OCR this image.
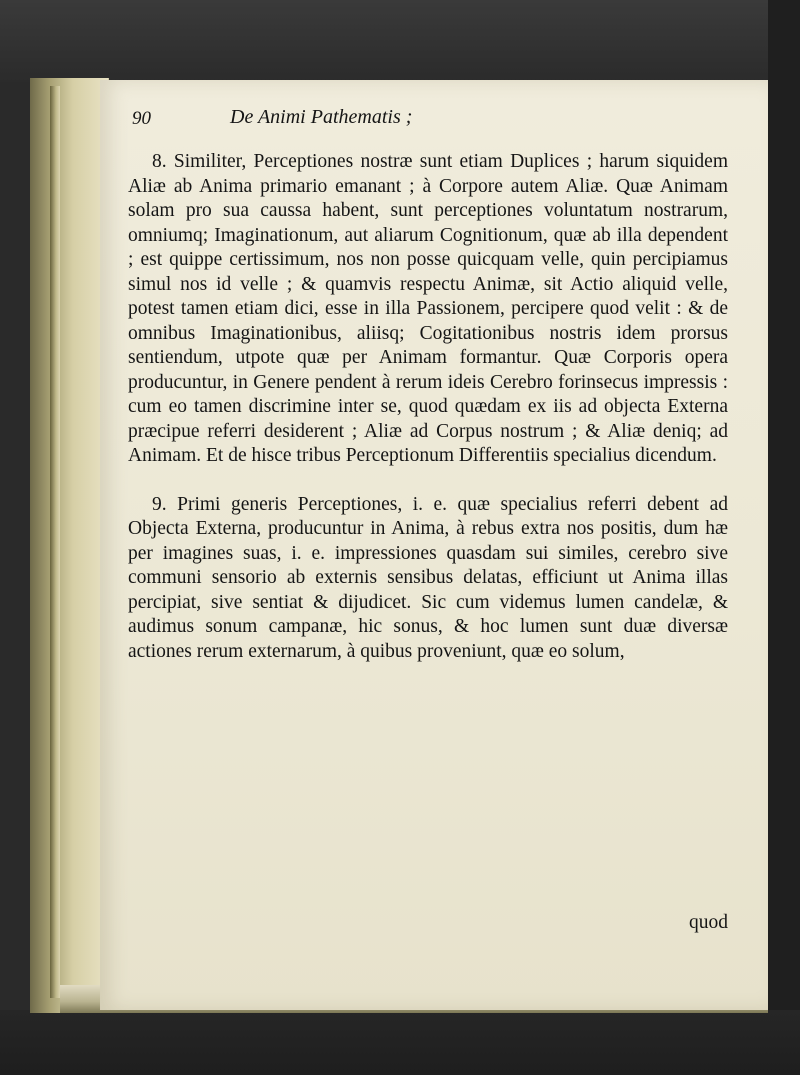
90	De Animi Pathematis ;

8. Similiter, Perceptiones nostræ sunt etiam Duplices ; harum siquidem Aliæ ab Anima primario emanant ; à Corpore autem Aliæ. Quæ Animam solam pro sua caussa habent, sunt perceptiones voluntatum nostrarum, omniumq; Imaginationum, aut aliarum Cognitionum, quæ ab illa dependent ; est quippe certissimum, nos non posse quicquam velle, quin percipiamus simul nos id velle ; & quamvis respectu Animæ, sit Actio aliquid velle, potest tamen etiam dici, esse in illa Passionem, percipere quod velit : & de omnibus Imaginationibus, aliisq; Cogitationibus nostris idem prorsus sentiendum, utpote quæ per Animam formantur. Quæ Corporis opera producuntur, in Genere pendent à rerum ideis Cerebro forinsecus impressis : cum eo tamen discrimine inter se, quod quædam ex iis ad objecta Externa præcipue referri desiderent ; Aliæ ad Corpus nostrum ; & Aliæ deniq; ad Animam. Et de hisce tribus Perceptionum Differentiis specialius dicendum.

9. Primi generis Perceptiones, i. e. quæ specialius referri debent ad Objecta Externa, producuntur in Anima, à rebus extra nos positis, dum hæ per imagines suas, i. e. impressiones quasdam sui similes, cerebro sive communi sensorio ab externis sensibus delatas, efficiunt ut Anima illas percipiat, sive sentiat & dijudicet. Sic cum videmus lumen candelæ, & audimus sonum campanæ, hic sonus, & hoc lumen sunt duæ diversæ actiones rerum externarum, à quibus proveniunt, quæ eo solum,

quod
